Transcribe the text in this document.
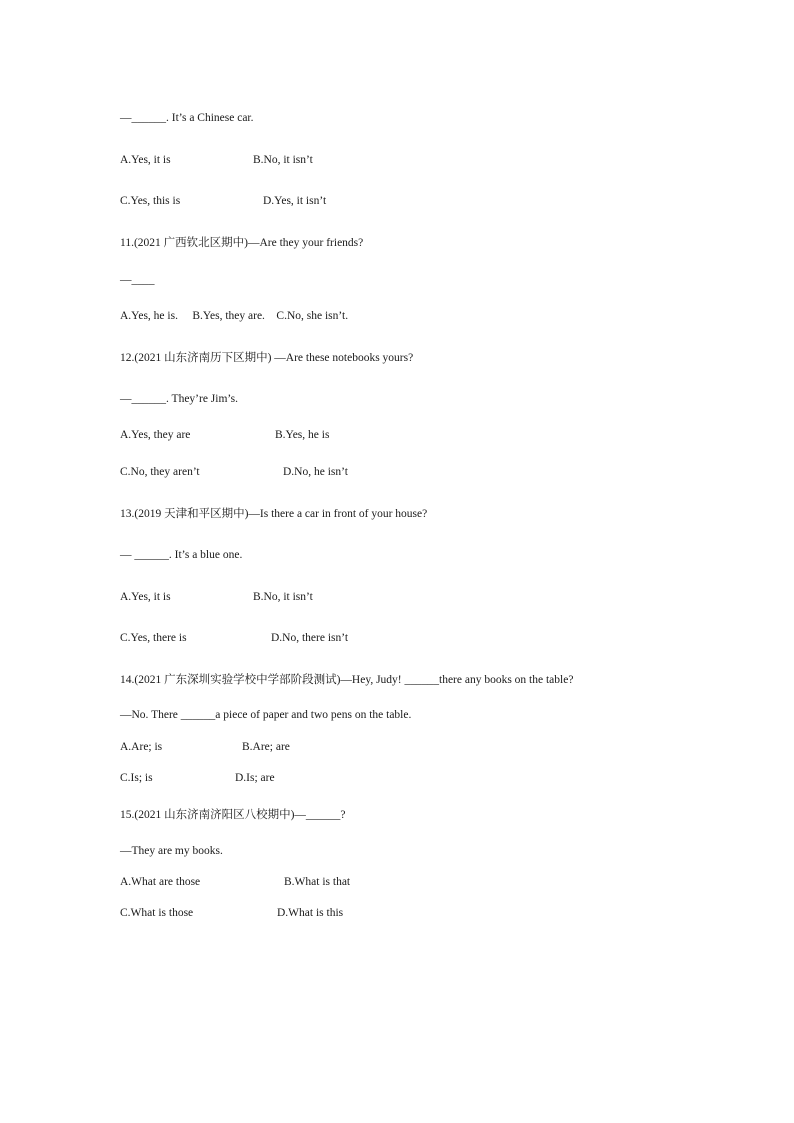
—______. It’s a Chinese car.
A.Yes, it is	B.No, it isn’t
C.Yes, this is	D.Yes, it isn’t
11.(2021 广西钦北区期中)—Are they your friends?
—____
A.Yes, he is.     B.Yes, they are.    C.No, she isn’t.
12.(2021 山东济南历下区期中) —Are these notebooks yours?
—______. They’re Jim’s.
A.Yes, they are	B.Yes, he is
C.No, they aren’t	D.No, he isn’t
13.(2019 天津和平区期中)—Is there a car in front of your house?
— ______. It’s a blue one.
A.Yes, it is	B.No, it isn’t
C.Yes, there is	D.No, there isn’t
14.(2021 广东深圳实验学校中学部阶段测试)—Hey, Judy! ______there any books on the table?
—No. There ______a piece of paper and two pens on the table.
A.Are; is	B.Are; are
C.Is; is	D.Is; are
15.(2021 山东济南济阳区八校期中)—______?
—They are my books.
A.What are those	B.What is that
C.What is those	D.What is this
